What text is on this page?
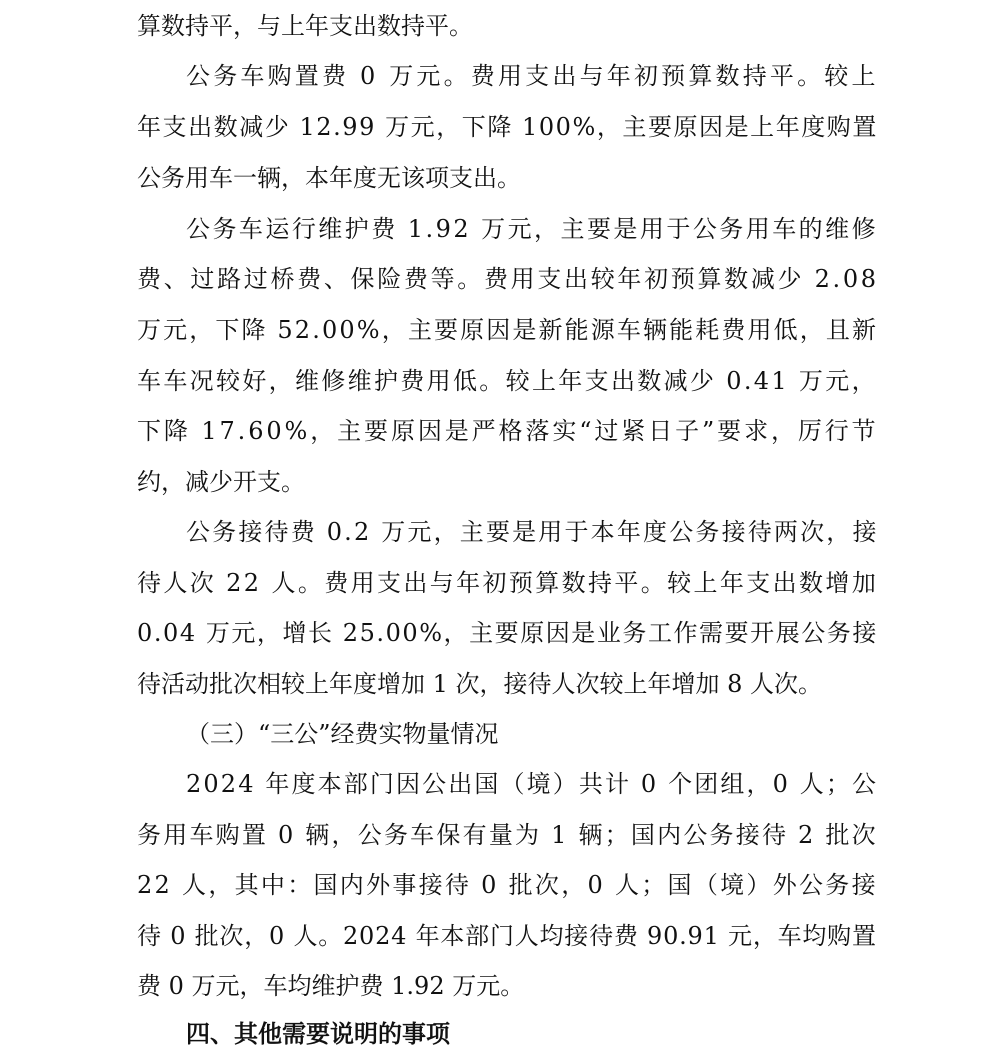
算数持平，与上年支出数持平。
公务车购置费 0 万元。费用支出与年初预算数持平。较上
年支出数减少 12.99 万元，下降 100%，主要原因是上年度购置
公务用车一辆，本年度无该项支出。
公务车运行维护费 1.92 万元，主要是用于公务用车的维修
费、过路过桥费、保险费等。费用支出较年初预算数减少 2.08
万元，下降 52.00%，主要原因是新能源车辆能耗费用低，且新
车车况较好，维修维护费用低。较上年支出数减少 0.41 万元，
下降 17.60%，主要原因是严格落实“过紧日子”要求，厉行节
约，减少开支。
公务接待费 0.2 万元，主要是用于本年度公务接待两次，接
待人次 22 人。费用支出与年初预算数持平。较上年支出数增加
0.04 万元，增长 25.00%，主要原因是业务工作需要开展公务接
待活动批次相较上年度增加 1 次，接待人次较上年增加 8 人次。
（三）“三公”经费实物量情况
2024 年度本部门因公出国（境）共计 0 个团组，0 人；公
务用车购置 0 辆，公务车保有量为 1 辆；国内公务接待 2 批次
22 人，其中：国内外事接待 0 批次，0 人；国（境）外公务接
待 0 批次，0 人。2024 年本部门人均接待费 90.91 元，车均购置
费 0 万元，车均维护费 1.92 万元。
四、其他需要说明的事项
